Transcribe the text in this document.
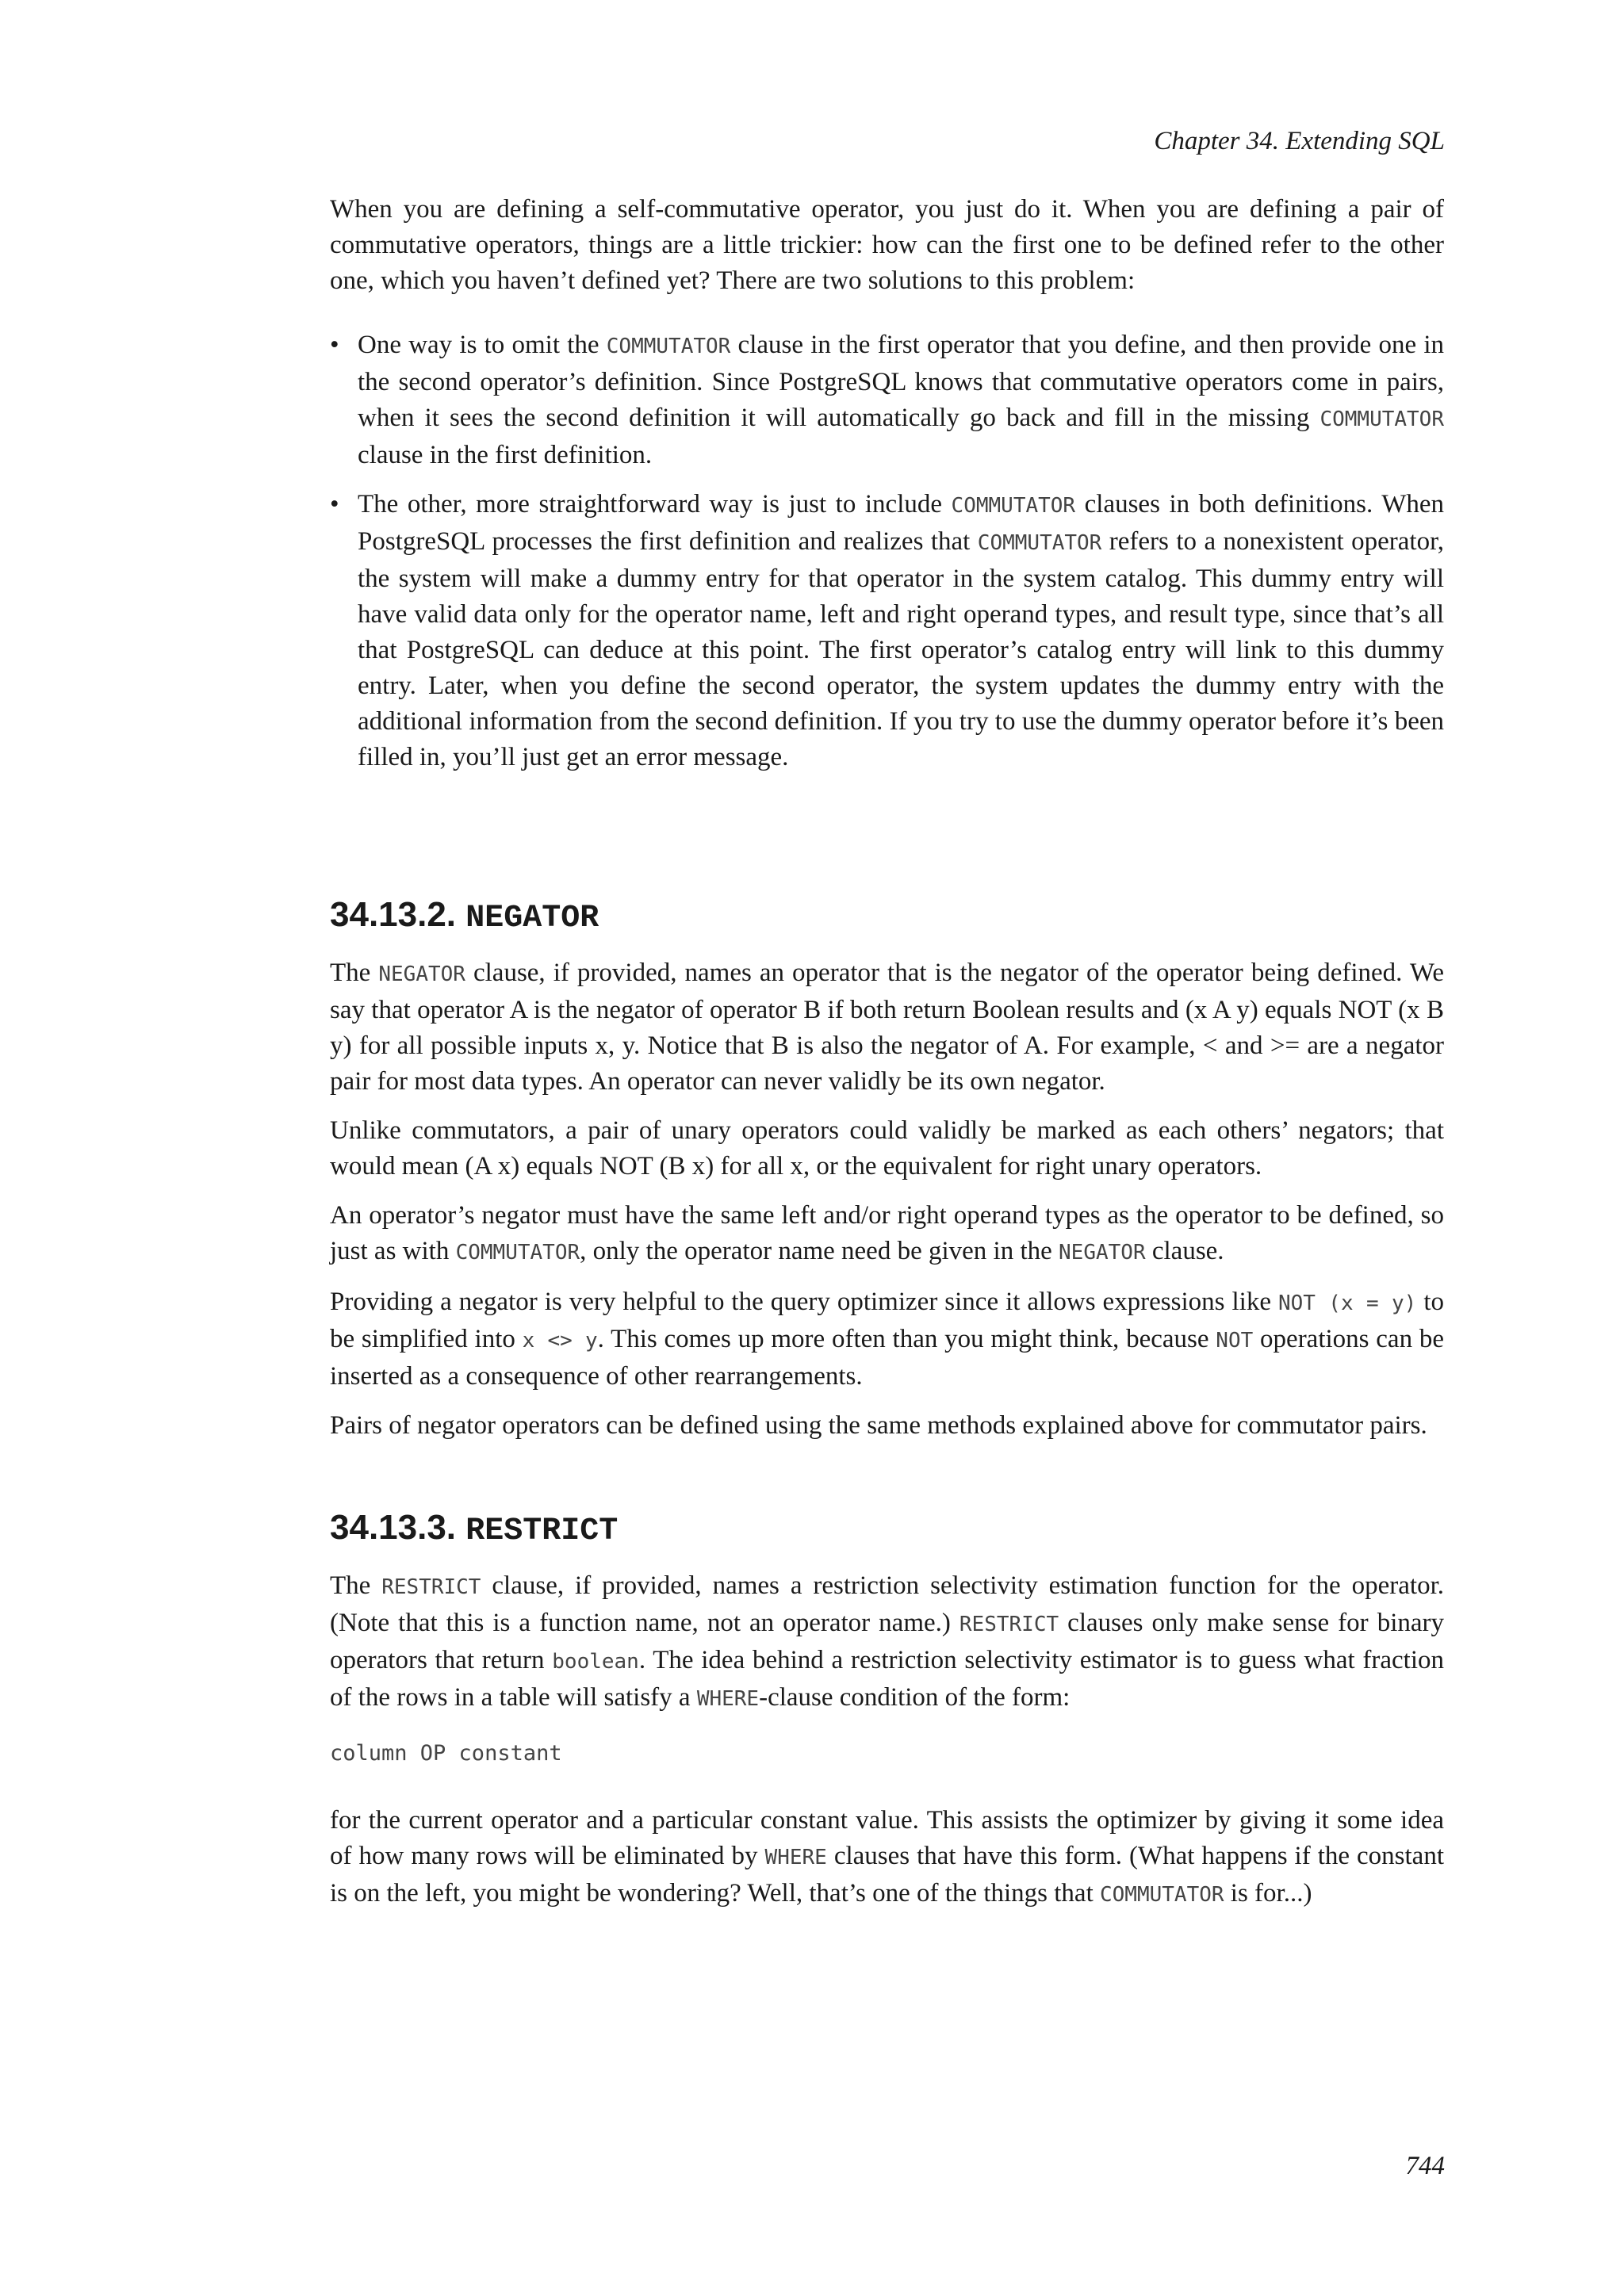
Chapter 34. Extending SQL

When you are defining a self-commutative operator, you just do it. When you are defining a pair of commutative operators, things are a little trickier: how can the first one to be defined refer to the other one, which you haven’t defined yet? There are two solutions to this problem:

• One way is to omit the COMMUTATOR clause in the first operator that you define, and then provide one in the second operator’s definition. Since PostgreSQL knows that commutative operators come in pairs, when it sees the second definition it will automatically go back and fill in the missing COMMUTATOR clause in the first definition.
• The other, more straightforward way is just to include COMMUTATOR clauses in both definitions. When PostgreSQL processes the first definition and realizes that COMMUTATOR refers to a nonexistent operator, the system will make a dummy entry for that operator in the system catalog. This dummy entry will have valid data only for the operator name, left and right operand types, and result type, since that’s all that PostgreSQL can deduce at this point. The first operator’s catalog entry will link to this dummy entry. Later, when you define the second operator, the system updates the dummy entry with the additional information from the second definition. If you try to use the dummy operator before it’s been filled in, you’ll just get an error message.
34.13.2. NEGATOR

The NEGATOR clause, if provided, names an operator that is the negator of the operator being defined. We say that operator A is the negator of operator B if both return Boolean results and (x A y) equals NOT (x B y) for all possible inputs x, y. Notice that B is also the negator of A. For example, < and >= are a negator pair for most data types. An operator can never validly be its own negator.

Unlike commutators, a pair of unary operators could validly be marked as each others’ negators; that would mean (A x) equals NOT (B x) for all x, or the equivalent for right unary operators.

An operator’s negator must have the same left and/or right operand types as the operator to be defined, so just as with COMMUTATOR, only the operator name need be given in the NEGATOR clause.

Providing a negator is very helpful to the query optimizer since it allows expressions like NOT (x = y) to be simplified into x <> y. This comes up more often than you might think, because NOT operations can be inserted as a consequence of other rearrangements.

Pairs of negator operators can be defined using the same methods explained above for commutator pairs.

34.13.3. RESTRICT

The RESTRICT clause, if provided, names a restriction selectivity estimation function for the operator. (Note that this is a function name, not an operator name.) RESTRICT clauses only make sense for binary operators that return boolean. The idea behind a restriction selectivity estimator is to guess what fraction of the rows in a table will satisfy a WHERE-clause condition of the form:

column OP constant

for the current operator and a particular constant value. This assists the optimizer by giving it some idea of how many rows will be eliminated by WHERE clauses that have this form. (What happens if the constant is on the left, you might be wondering? Well, that’s one of the things that COMMUTATOR is for...)

744
